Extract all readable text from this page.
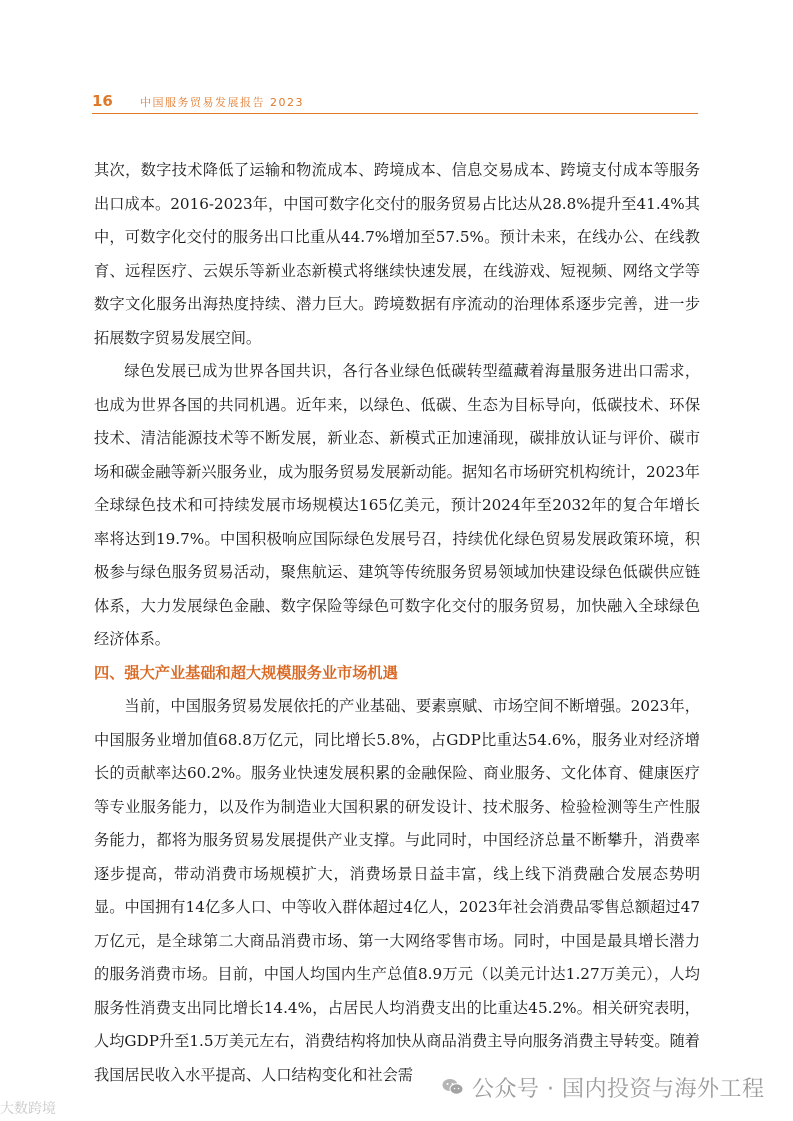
16 中国服务贸易发展报告 2023

其次，数字技术降低了运输和物流成本、跨境成本、信息交易成本、跨境支付成本等服务出口成本。2016-2023年，中国可数字化交付的服务贸易占比达从28.8%提升至41.4%其中，可数字化交付的服务出口比重从44.7%增加至57.5%。预计未来，在线办公、在线教育、远程医疗、云娱乐等新业态新模式将继续快速发展，在线游戏、短视频、网络文学等数字文化服务出海热度持续、潜力巨大。跨境数据有序流动的治理体系逐步完善，进一步拓展数字贸易发展空间。

绿色发展已成为世界各国共识，各行各业绿色低碳转型蕴藏着海量服务进出口需求，也成为世界各国的共同机遇。近年来，以绿色、低碳、生态为目标导向，低碳技术、环保技术、清洁能源技术等不断发展，新业态、新模式正加速涌现，碳排放认证与评价、碳市场和碳金融等新兴服务业，成为服务贸易发展新动能。据知名市场研究机构统计，2023年全球绿色技术和可持续发展市场规模达165亿美元，预计2024年至2032年的复合年增长率将达到19.7%。中国积极响应国际绿色发展号召，持续优化绿色贸易发展政策环境，积极参与绿色服务贸易活动，聚焦航运、建筑等传统服务贸易领域加快建设绿色低碳供应链体系，大力发展绿色金融、数字保险等绿色可数字化交付的服务贸易，加快融入全球绿色经济体系。

四、强大产业基础和超大规模服务业市场机遇

当前，中国服务贸易发展依托的产业基础、要素禀赋、市场空间不断增强。2023年，中国服务业增加值68.8万亿元，同比增长5.8%，占GDP比重达54.6%，服务业对经济增长的贡献率达60.2%。服务业快速发展积累的金融保险、商业服务、文化体育、健康医疗等专业服务能力，以及作为制造业大国积累的研发设计、技术服务、检验检测等生产性服务能力，都将为服务贸易发展提供产业支撑。与此同时，中国经济总量不断攀升，消费率逐步提高，带动消费市场规模扩大，消费场景日益丰富，线上线下消费融合发展态势明显。中国拥有14亿多人口、中等收入群体超过4亿人，2023年社会消费品零售总额超过47万亿元，是全球第二大商品消费市场、第一大网络零售市场。同时，中国是最具增长潜力的服务消费市场。目前，中国人均国内生产总值8.9万元（以美元计达1.27万美元），人均服务性消费支出同比增长14.4%，占居民人均消费支出的比重达45.2%。相关研究表明，人均GDP升至1.5万美元左右，消费结构将加快从商品消费主导向服务消费主导转变。随着我国居民收入水平提高、人口结构变化和社会需

大数跨境
公众号 · 国内投资与海外工程
